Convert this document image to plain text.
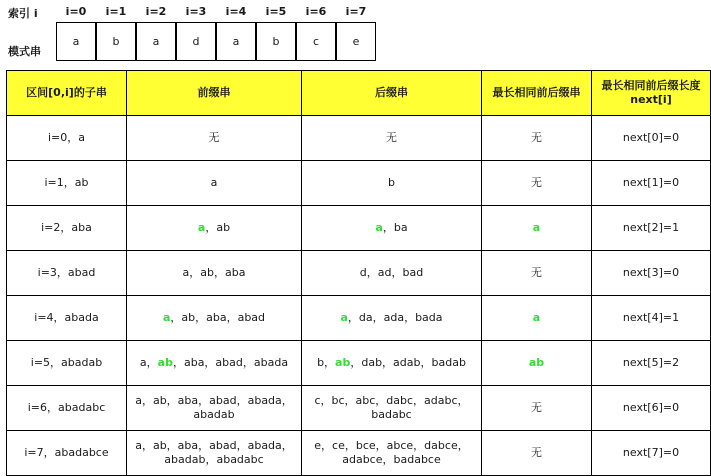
索引 i
模式串
i=0	i=1	i=2	i=3	i=4	i=5	i=6	i=7
a	b	a	d	a	b	c	e
区间[0,i]的子串	前缀串	后缀串	最长相同前后缀串	最长相同前后缀长度next[i]
i=0，a	无	无	无	next[0]=0
i=1，ab	a	b	无	next[1]=0
i=2，aba	a，ab	a，ba	a	next[2]=1
i=3，abad	a，ab，aba	d，ad，bad	无	next[3]=0
i=4，abada	a，ab，aba，abad	a，da，ada，bada	a	next[4]=1
i=5，abadab	a，ab，aba，abad，abada	b，ab，dab，adab，badab	ab	next[5]=2
i=6，abadabc	a，ab，aba，abad，abada，abadab	c，bc，abc，dabc，adabc，badabc	无	next[6]=0
i=7，abadabce	a，ab，aba，abad，abada，abadab，abadabc	e，ce，bce，abce，dabce，adabce，badabce	无	next[7]=0
